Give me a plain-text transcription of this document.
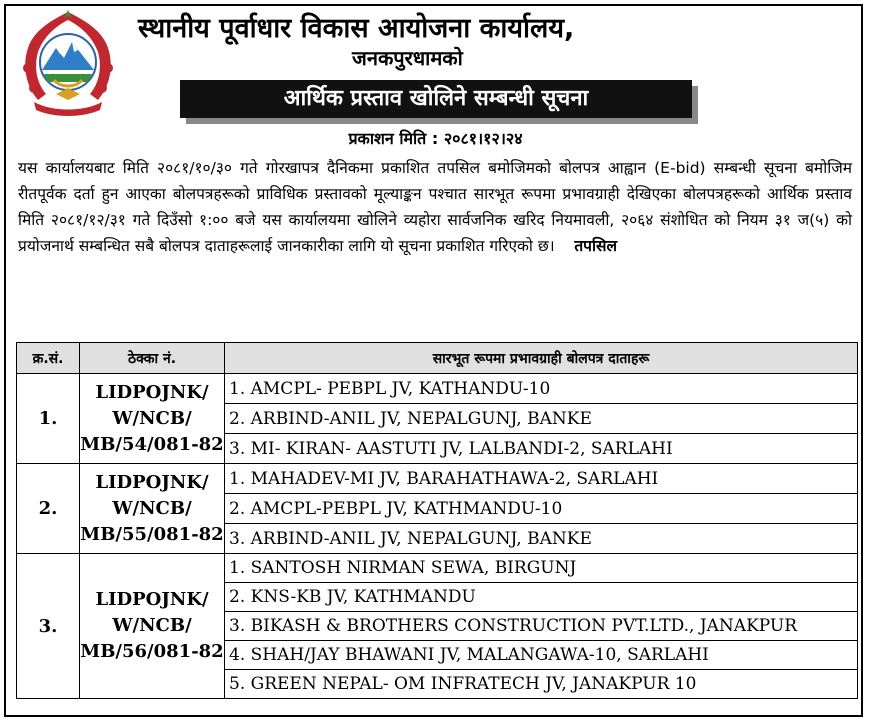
स्थानीय पूर्वाधार विकास आयोजना कार्यालय,
जनकपुरधामको
आर्थिक प्रस्ताव खोलिने सम्बन्धी सूचना
प्रकाशन मिति : २०८१।१२।२४
यस कार्यालयबाट मिति २०८१/१०/३० गते गोरखापत्र दैनिकमा प्रकाशित तपसिल बमोजिमको बोलपत्र आह्वान (E-bid) सम्बन्धी सूचना बमोजिम रीतपूर्वक दर्ता हुन आएका बोलपत्रहरूको प्राविधिक प्रस्तावको मूल्याङ्कन पश्चात सारभूत रूपमा प्रभावग्राही देखिएका बोलपत्रहरूको आर्थिक प्रस्ताव मिति २०८१/१२/३१ गते दिउँसो १:०० बजे यस कार्यालयमा खोलिने व्यहोरा सार्वजनिक खरिद नियमावली, २०६४ संशोधित को नियम ३१ ज(५) को प्रयोजनार्थ सम्बन्धित सबै बोलपत्र दाताहरूलाई जानकारीका लागि यो सूचना प्रकाशित गरिएको छ। तपसिल
क्र.सं.	ठेक्का नं.	सारभूत रूपमा प्रभावग्राही बोलपत्र दाताहरू
1.	LIDPOJNK/
W/NCB/
MB/54/081-82	1. AMCPL- PEBPL JV, KATHANDU-10
		2. ARBIND-ANIL JV, NEPALGUNJ, BANKE
		3. MI- KIRAN- AASTUTI JV, LALBANDI-2, SARLAHI
2.	LIDPOJNK/
W/NCB/
MB/55/081-82	1. MAHADEV-MI JV, BARAHATHAWA-2, SARLAHI
		2. AMCPL-PEBPL JV, KATHMANDU-10
		3. ARBIND-ANIL JV, NEPALGUNJ, BANKE
3.	LIDPOJNK/
W/NCB/
MB/56/081-82	1. SANTOSH NIRMAN SEWA, BIRGUNJ
		2. KNS-KB JV, KATHMANDU
		3. BIKASH & BROTHERS CONSTRUCTION PVT.LTD., JANAKPUR
		4. SHAH/JAY BHAWANI JV, MALANGAWA-10, SARLAHI
		5. GREEN NEPAL- OM INFRATECH JV, JANAKPUR 10
